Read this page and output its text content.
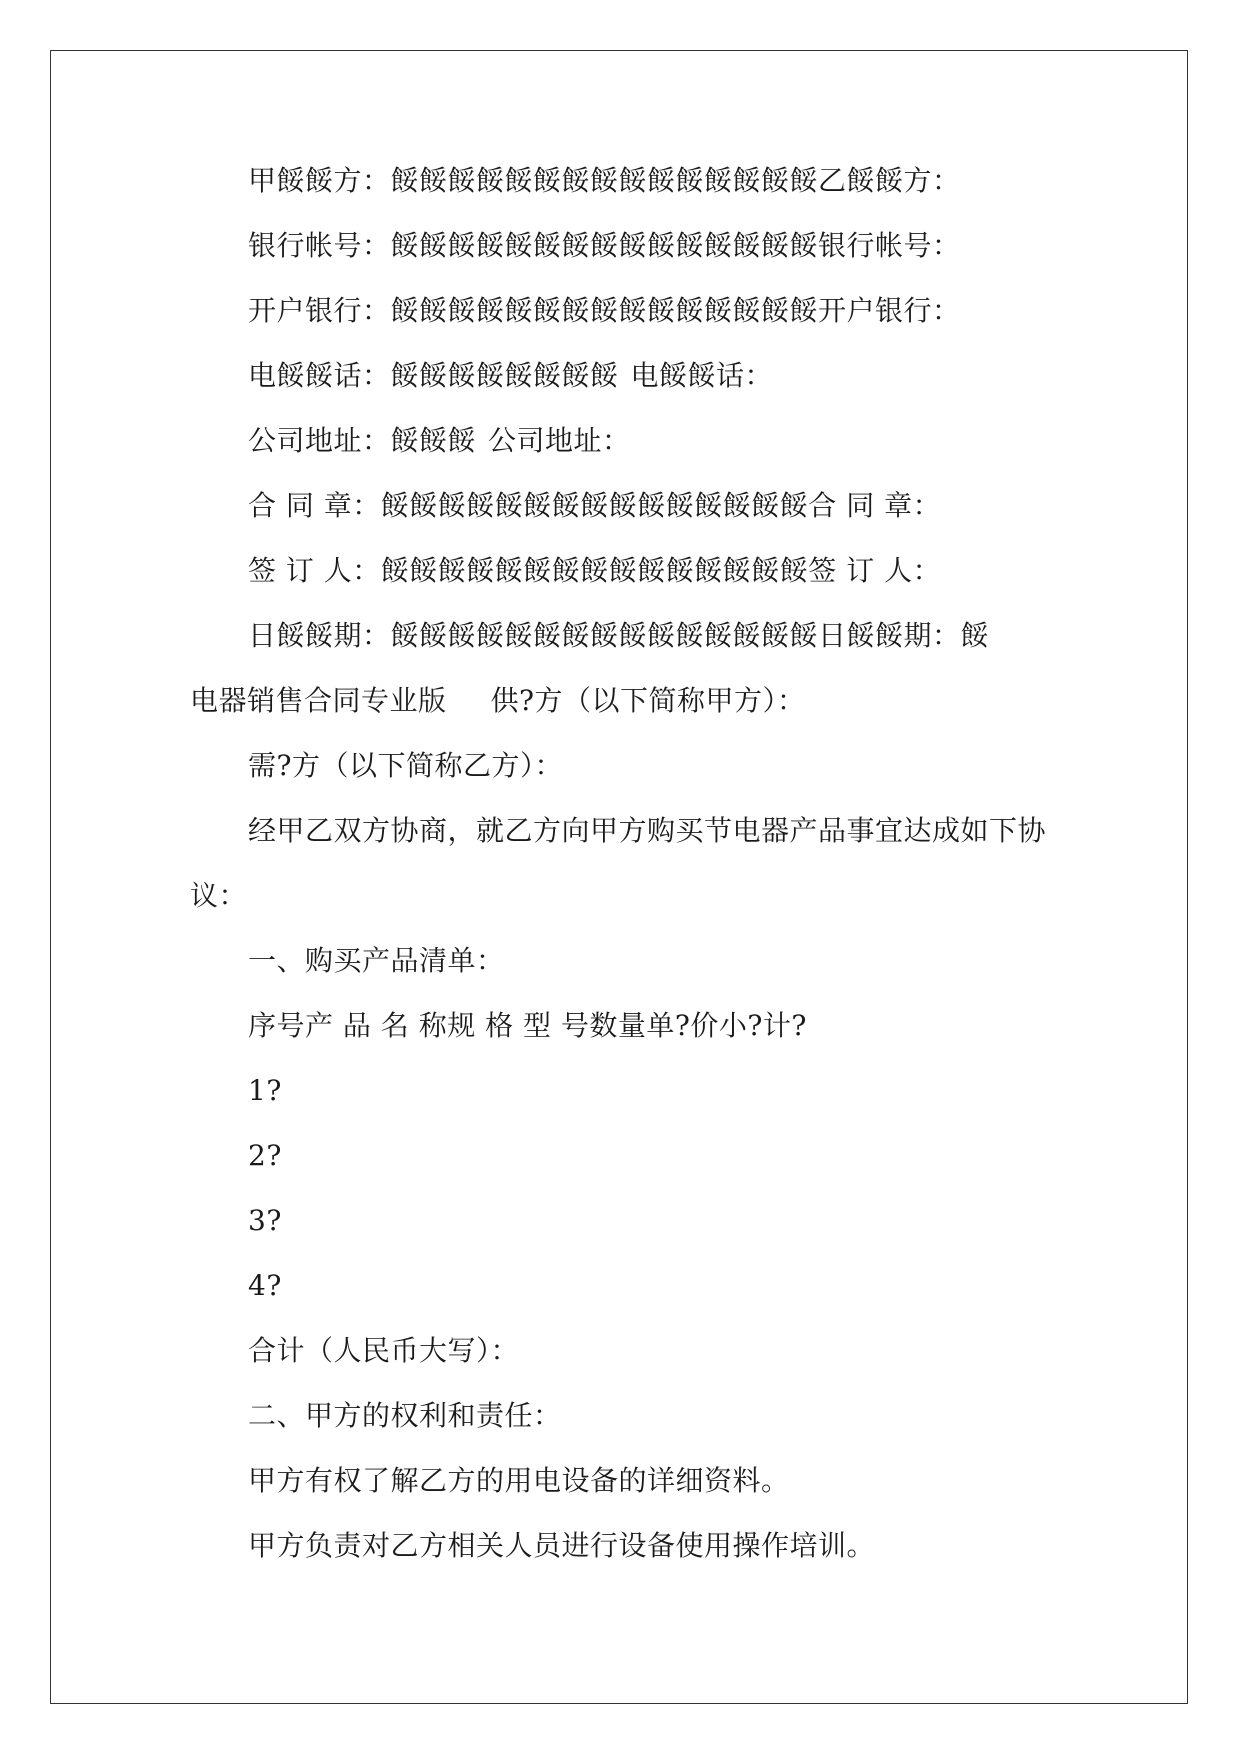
甲餒餒方：餒餒餒餒餒餒餒餒餒餒餒餒餒餒餒乙餒餒方：
银行帐号：餒餒餒餒餒餒餒餒餒餒餒餒餒餒餒银行帐号：
开户银行：餒餒餒餒餒餒餒餒餒餒餒餒餒餒餒开户银行：
电餒餒话：餒餒餒餒餒餒餒餒 电餒餒话：
公司地址：餒餒餒 公司地址：
合 同 章：餒餒餒餒餒餒餒餒餒餒餒餒餒餒餒合 同 章：
签 订 人：餒餒餒餒餒餒餒餒餒餒餒餒餒餒餒签 订 人：
日餒餒期：餒餒餒餒餒餒餒餒餒餒餒餒餒餒餒日餒餒期：餒
电器销售合同专业版 供?方（以下简称甲方）：
需?方（以下简称乙方）：
经甲乙双方协商，就乙方向甲方购买节电器产品事宜达成如下协
议：
一、购买产品清单：
序号产 品 名 称规 格 型 号数量单?价小?计?
1?
2?
3?
4?
合计（人民币大写）：
二、甲方的权利和责任：
甲方有权了解乙方的用电设备的详细资料。
甲方负责对乙方相关人员进行设备使用操作培训。
